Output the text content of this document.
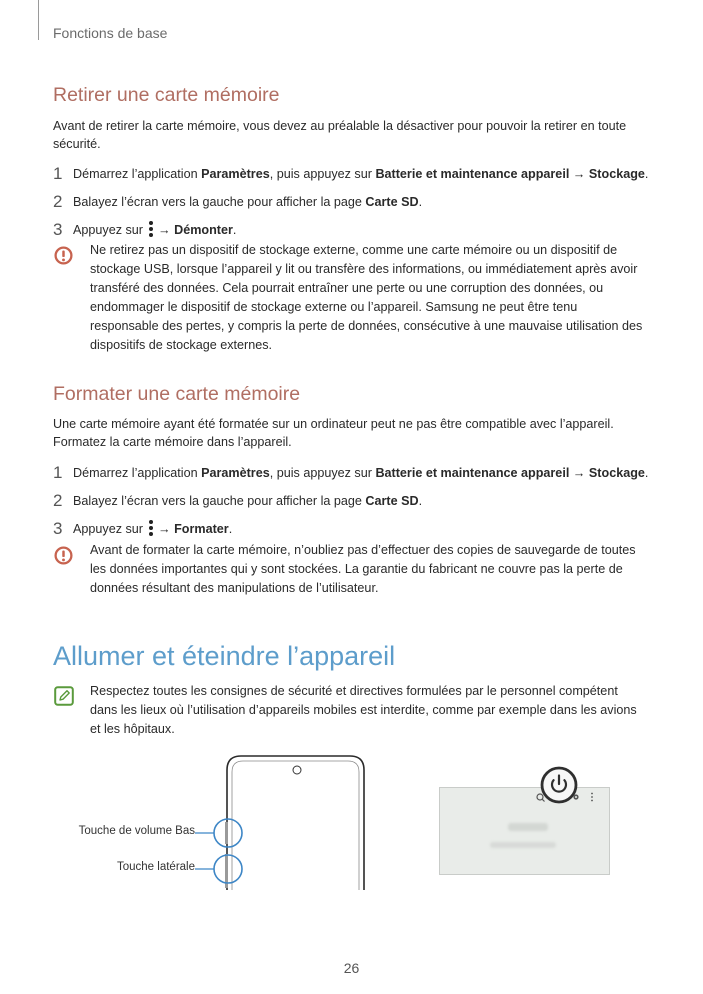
Fonctions de base
Retirer une carte mémoire

Avant de retirer la carte mémoire, vous devez au préalable la désactiver pour pouvoir la retirer en toute sécurité.

1 Démarrez l’application Paramètres, puis appuyez sur Batterie et maintenance appareil → Stockage.
2 Balayez l’écran vers la gauche pour afficher la page Carte SD.
3 Appuyez sur
→ Démonter.

Ne retirez pas un dispositif de stockage externe, comme une carte mémoire ou un dispositif de stockage USB, lorsque l’appareil y lit ou transfère des informations, ou immédiatement après avoir transféré des données. Cela pourrait entraîner une perte ou une corruption des données, ou endommager le dispositif de stockage externe ou l’appareil. Samsung ne peut être tenu responsable des pertes, y compris la perte de données, consécutive à une mauvaise utilisation des dispositifs de stockage externes.

Formater une carte mémoire

Une carte mémoire ayant été formatée sur un ordinateur peut ne pas être compatible avec l’appareil. Formatez la carte mémoire dans l’appareil.

1 Démarrez l’application Paramètres, puis appuyez sur Batterie et maintenance appareil → Stockage.
2 Balayez l’écran vers la gauche pour afficher la page Carte SD.
3 Appuyez sur
→ Formater.

Avant de formater la carte mémoire, n’oubliez pas d’effectuer des copies de sauvegarde de toutes les données importantes qui y sont stockées. La garantie du fabricant ne couvre pas la perte de données résultant des manipulations de l’utilisateur.

Allumer et éteindre l’appareil

Respectez toutes les consignes de sécurité et directives formulées par le personnel compétent dans les lieux où l’utilisation d’appareils mobiles est interdite, comme par exemple dans les avions et les hôpitaux.

Touche de volume Bas
Touche latérale
26
